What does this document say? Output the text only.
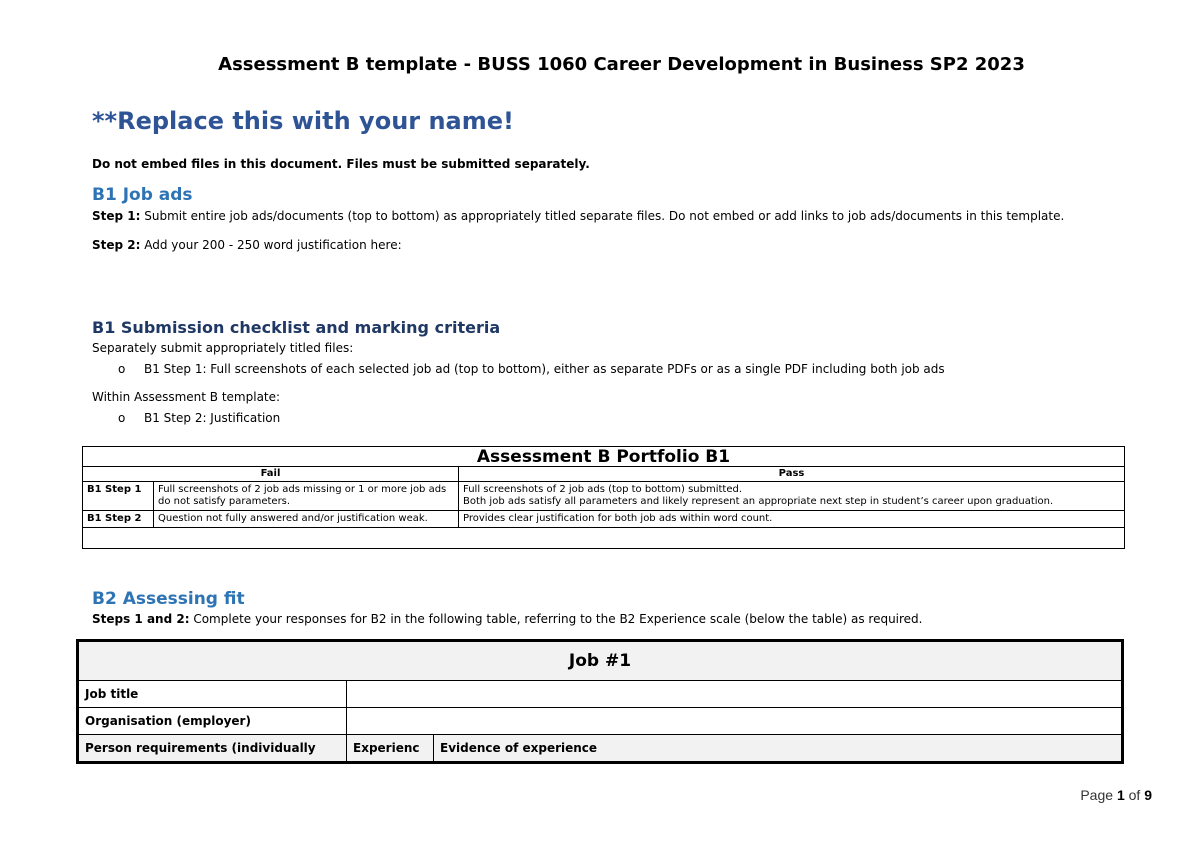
Assessment B template - BUSS 1060 Career Development in Business SP2 2023
**Replace this with your name!
Do not embed files in this document. Files must be submitted separately.
B1 Job ads
Step 1: Submit entire job ads/documents (top to bottom) as appropriately titled separate files. Do not embed or add links to job ads/documents in this template.
Step 2: Add your 200 - 250 word justification here:
B1 Submission checklist and marking criteria
Separately submit appropriately titled files:
o B1 Step 1: Full screenshots of each selected job ad (top to bottom), either as separate PDFs or as a single PDF including both job ads
Within Assessment B template:
o B1 Step 2: Justification
Assessment B Portfolio B1		
Fail		Pass
B1 Step 1	Full screenshots of 2 job ads missing or 1 or more job ads do not satisfy parameters.	Full screenshots of 2 job ads (top to bottom) submitted.
Both job ads satisfy all parameters and likely represent an appropriate next step in student’s career upon graduation.

B1 Step 2	Question not fully answered and/or justification weak.	Provides clear justification for both job ads within word count.

B2 Assessing fit
Steps 1 and 2: Complete your responses for B2 in the following table, referring to the B2 Experience scale (below the table) as required.
Job #1		
Job title		
Organisation (employer)		
Person requirements (individually	Experienc	Evidence of experience
Page 1 of 9
